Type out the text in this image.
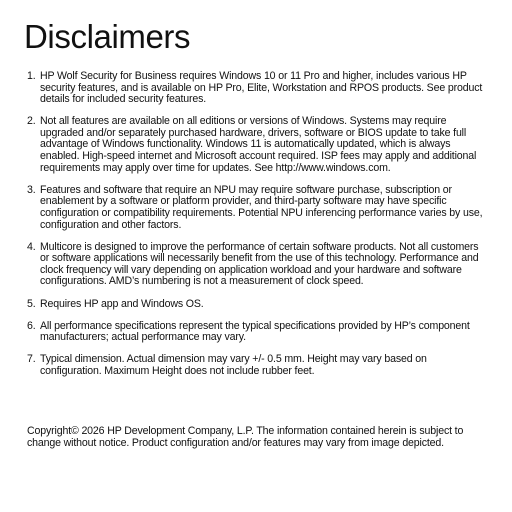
Disclaimers
1. HP Wolf Security for Business requires Windows 10 or 11 Pro and higher, includes various HP security features, and is available on HP Pro, Elite, Workstation and RPOS products. See product details for included security features.
2. Not all features are available on all editions or versions of Windows. Systems may require upgraded and/or separately purchased hardware, drivers, software or BIOS update to take full advantage of Windows functionality. Windows 11 is automatically updated, which is always enabled. High-speed internet and Microsoft account required. ISP fees may apply and additional requirements may apply over time for updates. See http://www.windows.com.
3. Features and software that require an NPU may require software purchase, subscription or enablement by a software or platform provider, and third-party software may have specific configuration or compatibility requirements. Potential NPU inferencing performance varies by use, configuration and other factors.
4. Multicore is designed to improve the performance of certain software products. Not all customers or software applications will necessarily benefit from the use of this technology. Performance and clock frequency will vary depending on application workload and your hardware and software configurations. AMD’s numbering is not a measurement of clock speed.
5. Requires HP app and Windows OS.
6. All performance specifications represent the typical specifications provided by HP’s component manufacturers; actual performance may vary.
7. Typical dimension. Actual dimension may vary +/- 0.5 mm. Height may vary based on configuration. Maximum Height does not include rubber feet.

Copyright© 2026 HP Development Company, L.P. The information contained herein is subject to change without notice. Product configuration and/or features may vary from image depicted.
